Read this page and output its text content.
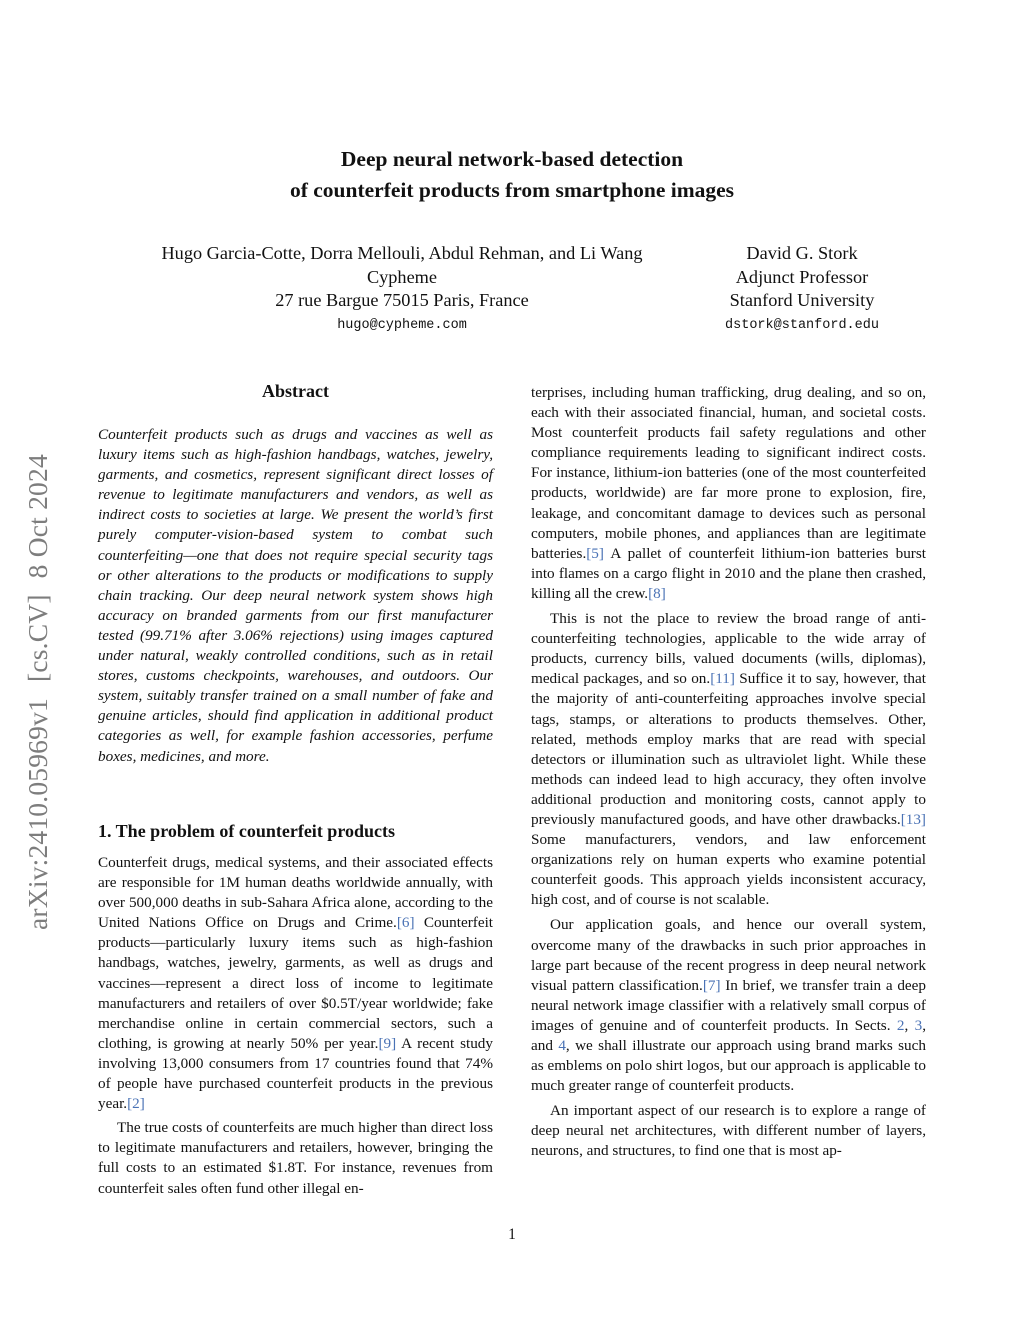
Deep neural network-based detection
of counterfeit products from smartphone images
Hugo Garcia-Cotte, Dorra Mellouli, Abdul Rehman, and Li Wang
Cypheme
27 rue Bargue 75015 Paris, France
hugo@cypheme.com
David G. Stork
Adjunct Professor
Stanford University
dstork@stanford.edu
arXiv:2410.05969v1[cs.CV]8 Oct 2024
Abstract
Counterfeit products such as drugs and vaccines as well as luxury items such as high-fashion handbags, watches, jewelry, garments, and cosmetics, represent significant direct losses of revenue to legitimate manufacturers and vendors, as well as indirect costs to societies at large. We present the world’s first purely computer-vision-based system to combat such counterfeiting—one that does not require special security tags or other alterations to the products or modifications to supply chain tracking. Our deep neural network system shows high accuracy on branded garments from our first manufacturer tested (99.71% after 3.06% rejections) using images captured under natural, weakly controlled conditions, such as in retail stores, customs checkpoints, warehouses, and outdoors. Our system, suitably transfer trained on a small number of fake and genuine articles, should find application in additional product categories as well, for example fashion accessories, perfume boxes, medicines, and more.
1. The problem of counterfeit products

Counterfeit drugs, medical systems, and their associated effects are responsible for 1M human deaths worldwide annually, with over 500,000 deaths in sub-Sahara Africa alone, according to the United Nations Office on Drugs and Crime.[6] Counterfeit products—particularly luxury items such as high-fashion handbags, watches, jewelry, garments, as well as drugs and vaccines—represent a direct loss of income to legitimate manufacturers and retailers of over $0.5T/year worldwide; fake merchandise online in certain commercial sectors, such a clothing, is growing at nearly 50% per year.[9] A recent study involving 13,000 consumers from 17 countries found that 74% of people have purchased counterfeit products in the previous year.[2]

The true costs of counterfeits are much higher than direct loss to legitimate manufacturers and retailers, however, bringing the full costs to an estimated $1.8T. For instance, revenues from counterfeit sales often fund other illegal en-

terprises, including human trafficking, drug dealing, and so on, each with their associated financial, human, and societal costs. Most counterfeit products fail safety regulations and other compliance requirements leading to significant indirect costs. For instance, lithium-ion batteries (one of the most counterfeited products, worldwide) are far more prone to explosion, fire, leakage, and concomitant damage to devices such as personal computers, mobile phones, and appliances than are legitimate batteries.[5] A pallet of counterfeit lithium-ion batteries burst into flames on a cargo flight in 2010 and the plane then crashed, killing all the crew.[8]

This is not the place to review the broad range of anti-counterfeiting technologies, applicable to the wide array of products, currency bills, valued documents (wills, diplomas), medical packages, and so on.[11] Suffice it to say, however, that the majority of anti-counterfeiting approaches involve special tags, stamps, or alterations to products themselves. Other, related, methods employ marks that are read with special detectors or illumination such as ultraviolet light. While these methods can indeed lead to high accuracy, they often involve additional production and monitoring costs, cannot apply to previously manufactured goods, and have other drawbacks.[13] Some manufacturers, vendors, and law enforcement organizations rely on human experts who examine potential counterfeit goods. This approach yields inconsistent accuracy, high cost, and of course is not scalable.

Our application goals, and hence our overall system, overcome many of the drawbacks in such prior approaches in large part because of the recent progress in deep neural network visual pattern classification.[7] In brief, we transfer train a deep neural network image classifier with a relatively small corpus of images of genuine and of counterfeit products. In Sects. 2, 3, and 4, we shall illustrate our approach using brand marks such as emblems on polo shirt logos, but our approach is applicable to much greater range of counterfeit products.

An important aspect of our research is to explore a range of deep neural net architectures, with different number of layers, neurons, and structures, to find one that is most ap-

1
